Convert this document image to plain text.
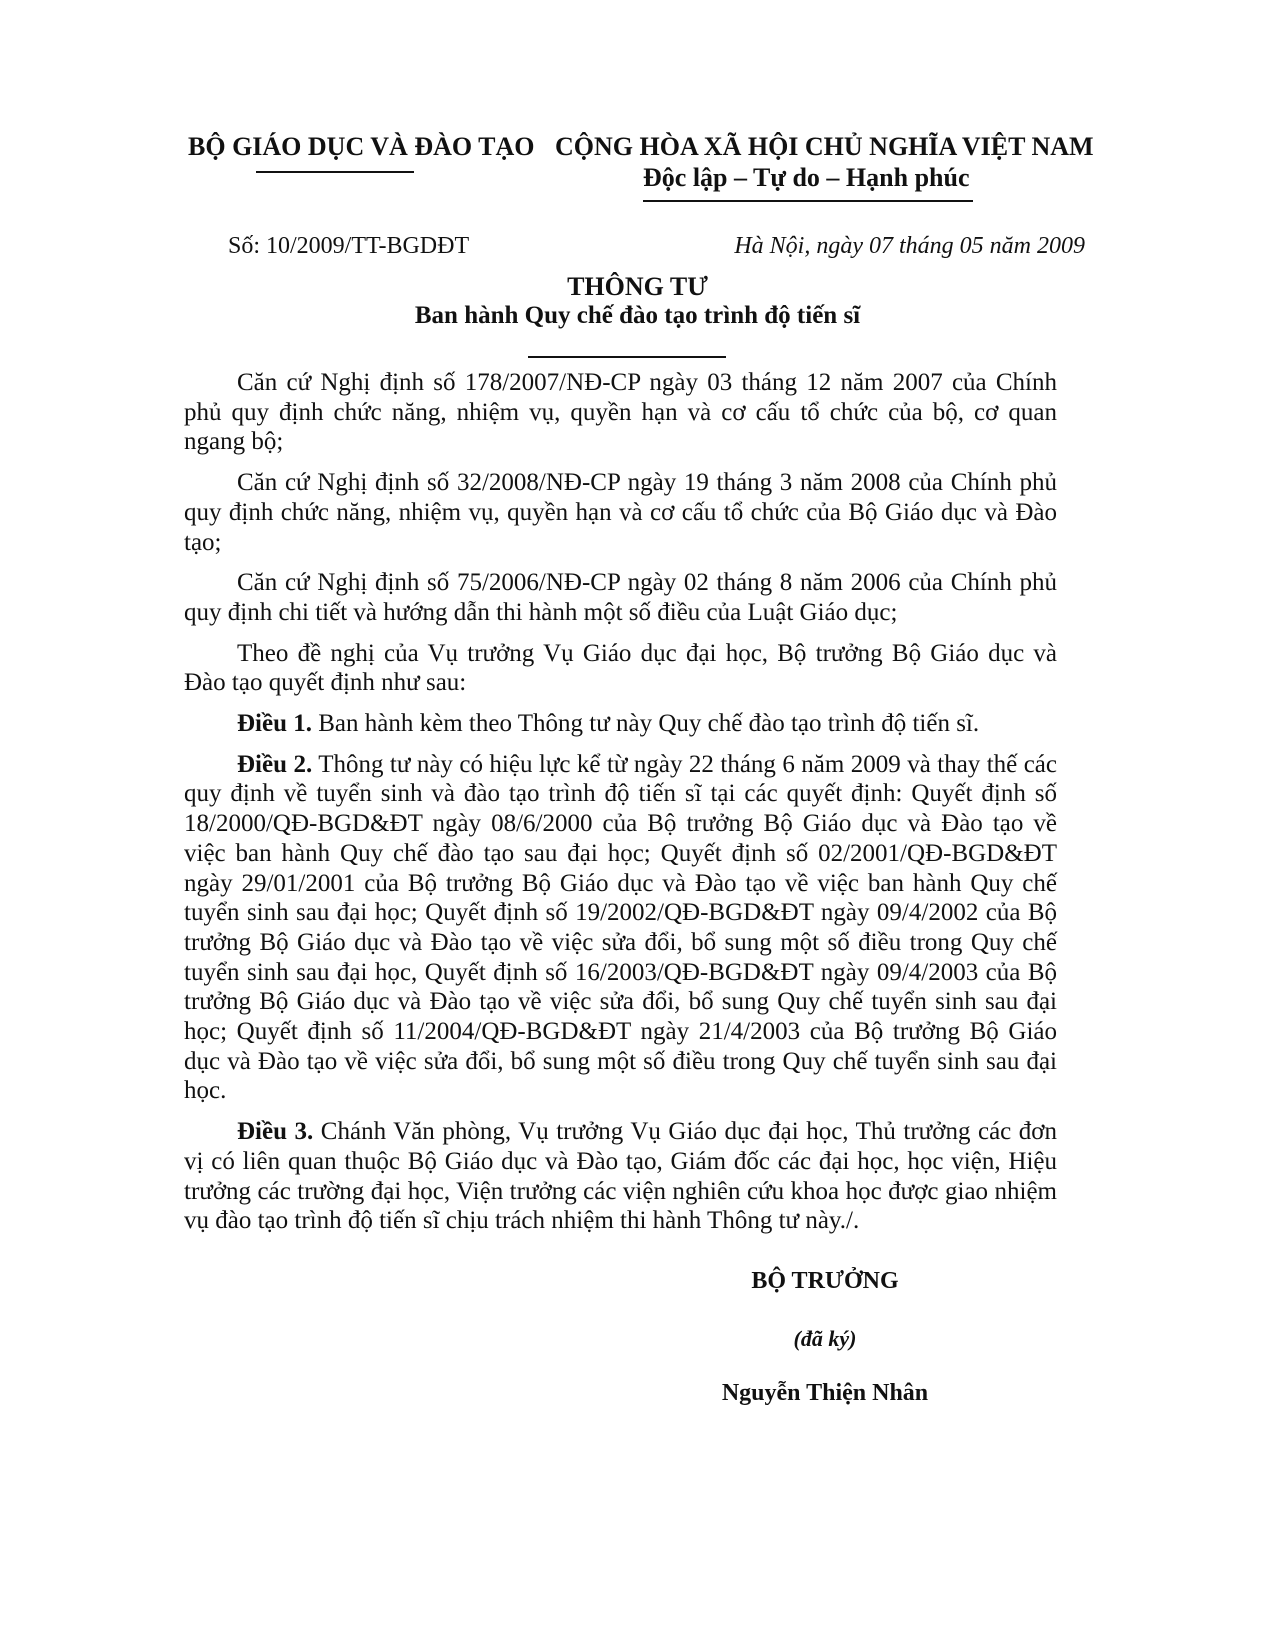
BỘ GIÁO DỤC VÀ ĐÀO TẠO CỘNG HÒA XÃ HỘI CHỦ NGHĨA VIỆT NAM
Độc lập – Tự do – Hạnh phúc
Số: 10/2009/TT-BGDĐT	Hà Nội, ngày 07 tháng 05 năm 2009
THÔNG TƯ
Ban hành Quy chế đào tạo trình độ tiến sĩ

Căn cứ Nghị định số 178/2007/NĐ-CP ngày 03 tháng 12 năm 2007 của Chính phủ quy định chức năng, nhiệm vụ, quyền hạn và cơ cấu tổ chức của bộ, cơ quan ngang bộ;

Căn cứ Nghị định số 32/2008/NĐ-CP ngày 19 tháng 3 năm 2008 của Chính phủ quy định chức năng, nhiệm vụ, quyền hạn và cơ cấu tổ chức của Bộ Giáo dục và Đào tạo;

Căn cứ Nghị định số 75/2006/NĐ-CP ngày 02 tháng 8 năm 2006 của Chính phủ quy định chi tiết và hướng dẫn thi hành một số điều của Luật Giáo dục;

Theo đề nghị của Vụ trưởng Vụ Giáo dục đại học, Bộ trưởng Bộ Giáo dục và Đào tạo quyết định như sau:

Điều 1. Ban hành kèm theo Thông tư này Quy chế đào tạo trình độ tiến sĩ.

Điều 2. Thông tư này có hiệu lực kể từ ngày 22 tháng 6 năm 2009 và thay thế các quy định về tuyển sinh và đào tạo trình độ tiến sĩ tại các quyết định: Quyết định số 18/2000/QĐ-BGD&ĐT ngày 08/6/2000 của Bộ trưởng Bộ Giáo dục và Đào tạo về việc ban hành Quy chế đào tạo sau đại học; Quyết định số 02/2001/QĐ-BGD&ĐT ngày 29/01/2001 của Bộ trưởng Bộ Giáo dục và Đào tạo về việc ban hành Quy chế tuyển sinh sau đại học; Quyết định số 19/2002/QĐ-BGD&ĐT ngày 09/4/2002 của Bộ trưởng Bộ Giáo dục và Đào tạo về việc sửa đổi, bổ sung một số điều trong Quy chế tuyển sinh sau đại học, Quyết định số 16/2003/QĐ-BGD&ĐT ngày 09/4/2003 của Bộ trưởng Bộ Giáo dục và Đào tạo về việc sửa đổi, bổ sung Quy chế tuyển sinh sau đại học; Quyết định số 11/2004/QĐ-BGD&ĐT ngày 21/4/2003 của Bộ trưởng Bộ Giáo dục và Đào tạo về việc sửa đổi, bổ sung một số điều trong Quy chế tuyển sinh sau đại học.

Điều 3. Chánh Văn phòng, Vụ trưởng Vụ Giáo dục đại học, Thủ trưởng các đơn vị có liên quan thuộc Bộ Giáo dục và Đào tạo, Giám đốc các đại học, học viện, Hiệu trưởng các trường đại học, Viện trưởng các viện nghiên cứu khoa học được giao nhiệm vụ đào tạo trình độ tiến sĩ chịu trách nhiệm thi hành Thông tư này./.

BỘ TRƯỞNG
(đã ký)
Nguyễn Thiện Nhân
